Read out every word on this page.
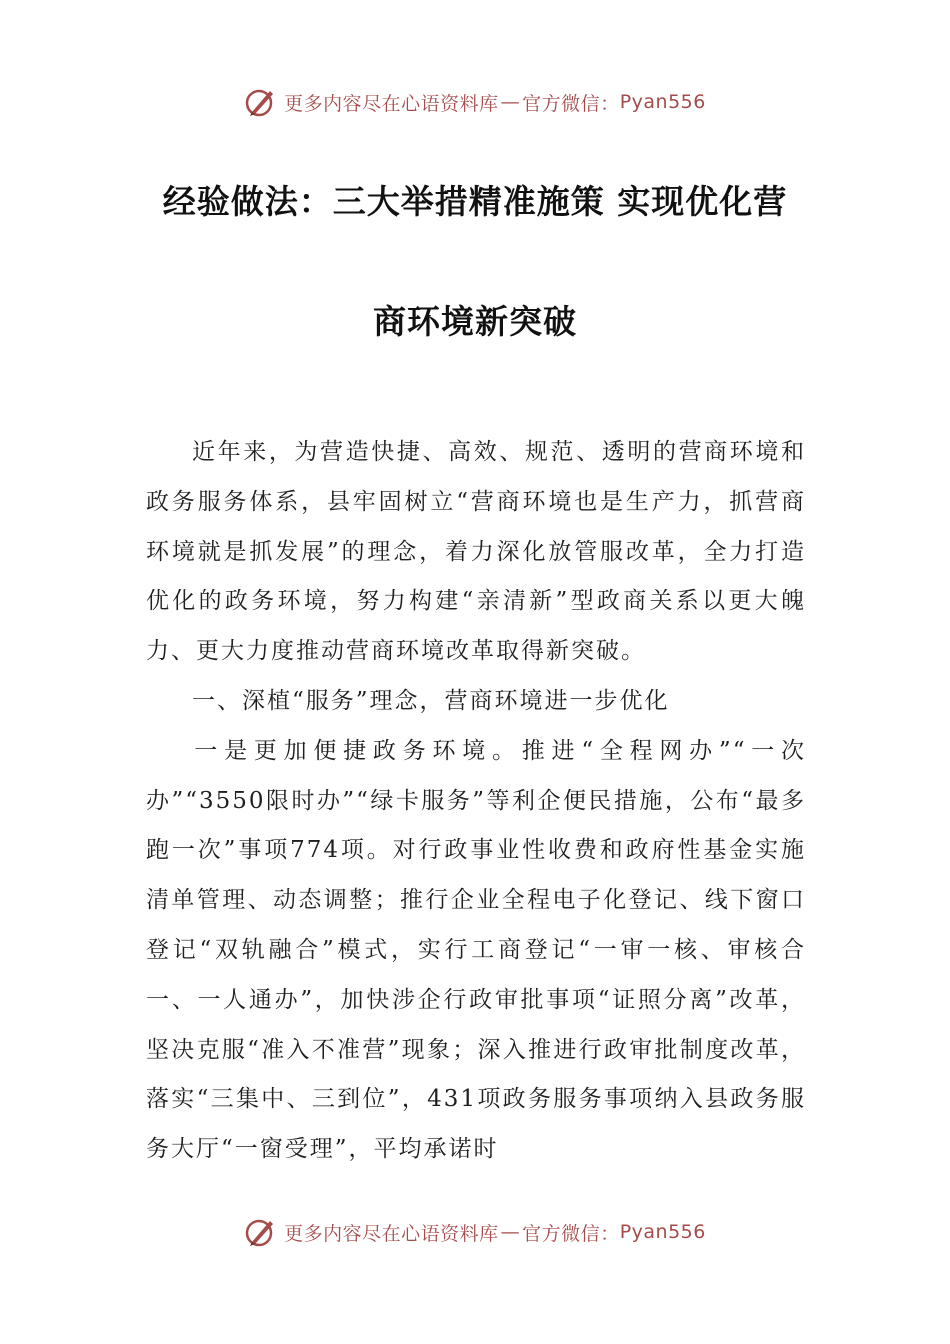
更多内容尽在心语资料库 — 官方微信： Pyan556
经验做法：三大举措精准施策 实现优化营
商环境新突破

近年来，为营造快捷、高效、规范、透明的营商环境和政务服务体系，县牢固树立“营商环境也是生产力，抓营商环境就是抓发展”的理念，着力深化放管服改革，全力打造优化的政务环境，努力构建“亲清新”型政商关系以更大魄力、更大力度推动营商环境改革取得新突破。

一、深植“服务”理念，营商环境进一步优化

一是更加便捷政务环境。推进“全程网办”“一次办”“3550限时办”“绿卡服务”等利企便民措施，公布“最多跑一次”事项774项。对行政事业性收费和政府性基金实施清单管理、动态调整；推行企业全程电子化登记、线下窗口登记“双轨融合”模式，实行工商登记“一审一核、审核合一、一人通办”，加快涉企行政审批事项“证照分离”改革，坚决克服“准入不准营”现象；深入推进行政审批制度改革，落实“三集中、三到位”，431项政务服务事项纳入县政务服务大厅“一窗受理”，平均承诺时

更多内容尽在心语资料库 — 官方微信： Pyan556
